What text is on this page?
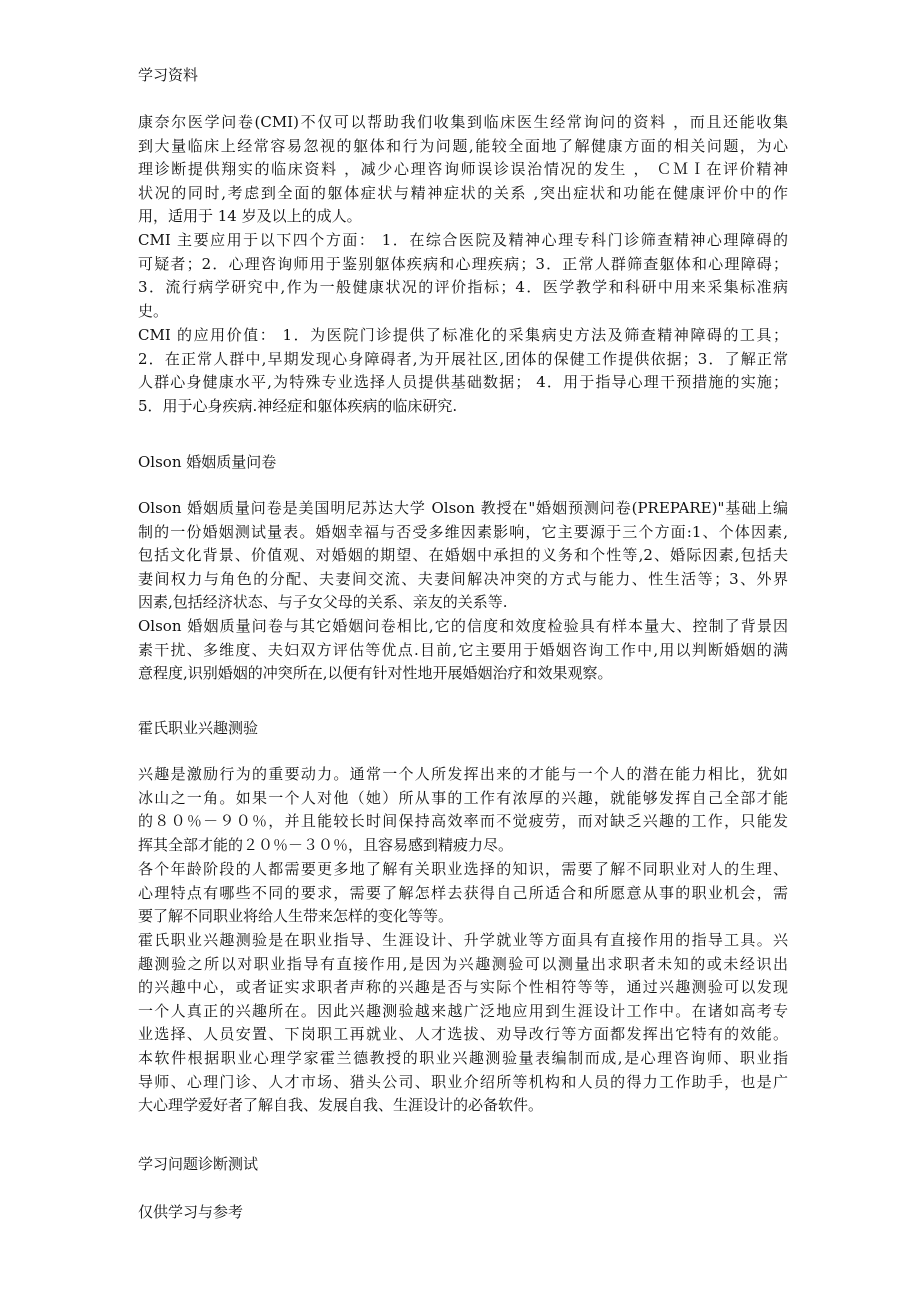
学习资料
康奈尔医学问卷(CMI)不仅可以帮助我们收集到临床医生经常询问的资料 ，而且还能收集
到大量临床上经常容易忽视的躯体和行为问题,能较全面地了解健康方面的相关问题，为心
理诊断提供翔实的临床资料 ，减少心理咨询师误诊误治情况的发生 ， ＣＭＩ在评价精神
状况的同时,考虑到全面的躯体症状与精神症状的关系 ,突出症状和功能在健康评价中的作
用，适用于 14 岁及以上的成人。
CMI 主要应用于以下四个方面： 1．在综合医院及精神心理专科门诊筛查精神心理障碍的
可疑者；2．心理咨询师用于鉴别躯体疾病和心理疾病；3．正常人群筛查躯体和心理障碍；
3．流行病学研究中,作为一般健康状况的评价指标；4．医学教学和科研中用来采集标准病
史。
CMI 的应用价值： 1．为医院门诊提供了标准化的采集病史方法及筛查精神障碍的工具；
2．在正常人群中,早期发现心身障碍者,为开展社区,团体的保健工作提供依据；3．了解正常
人群心身健康水平,为特殊专业选择人员提供基础数据； 4．用于指导心理干预措施的实施；
5．用于心身疾病.神经症和躯体疾病的临床研究.
Olson 婚姻质量问卷
Olson 婚姻质量问卷是美国明尼苏达大学 Olson 教授在"婚姻预测问卷(PREPARE)"基础上编
制的一份婚姻测试量表。婚姻幸福与否受多维因素影响，它主要源于三个方面:1、个体因素,
包括文化背景、价值观、对婚姻的期望、在婚姻中承担的义务和个性等,2、婚际因素,包括夫
妻间权力与角色的分配、夫妻间交流、夫妻间解决冲突的方式与能力、性生活等；3、外界
因素,包括经济状态、与子女父母的关系、亲友的关系等.
Olson 婚姻质量问卷与其它婚姻问卷相比,它的信度和效度检验具有样本量大、控制了背景因
素干扰、多维度、夫妇双方评估等优点.目前,它主要用于婚姻咨询工作中,用以判断婚姻的满
意程度,识别婚姻的冲突所在,以便有针对性地开展婚姻治疗和效果观察。
霍氏职业兴趣测验
兴趣是激励行为的重要动力。通常一个人所发挥出来的才能与一个人的潜在能力相比，犹如
冰山之一角。如果一个人对他（她）所从事的工作有浓厚的兴趣，就能够发挥自己全部才能
的８０％－９０％，并且能较长时间保持高效率而不觉疲劳，而对缺乏兴趣的工作，只能发
挥其全部才能的２０％－３０％，且容易感到精疲力尽。
各个年龄阶段的人都需要更多地了解有关职业选择的知识，需要了解不同职业对人的生理、
心理特点有哪些不同的要求，需要了解怎样去获得自己所适合和所愿意从事的职业机会，需
要了解不同职业将给人生带来怎样的变化等等。
霍氏职业兴趣测验是在职业指导、生涯设计、升学就业等方面具有直接作用的指导工具。兴
趣测验之所以对职业指导有直接作用,是因为兴趣测验可以测量出求职者未知的或未经识出
的兴趣中心，或者证实求职者声称的兴趣是否与实际个性相符等等，通过兴趣测验可以发现
一个人真正的兴趣所在。因此兴趣测验越来越广泛地应用到生涯设计工作中。在诸如高考专
业选择、人员安置、下岗职工再就业、人才选拔、劝导改行等方面都发挥出它特有的效能。
本软件根据职业心理学家霍兰德教授的职业兴趣测验量表编制而成,是心理咨询师、职业指
导师、心理门诊、人才市场、猎头公司、职业介绍所等机构和人员的得力工作助手，也是广
大心理学爱好者了解自我、发展自我、生涯设计的必备软件。
学习问题诊断测试
仅供学习与参考
